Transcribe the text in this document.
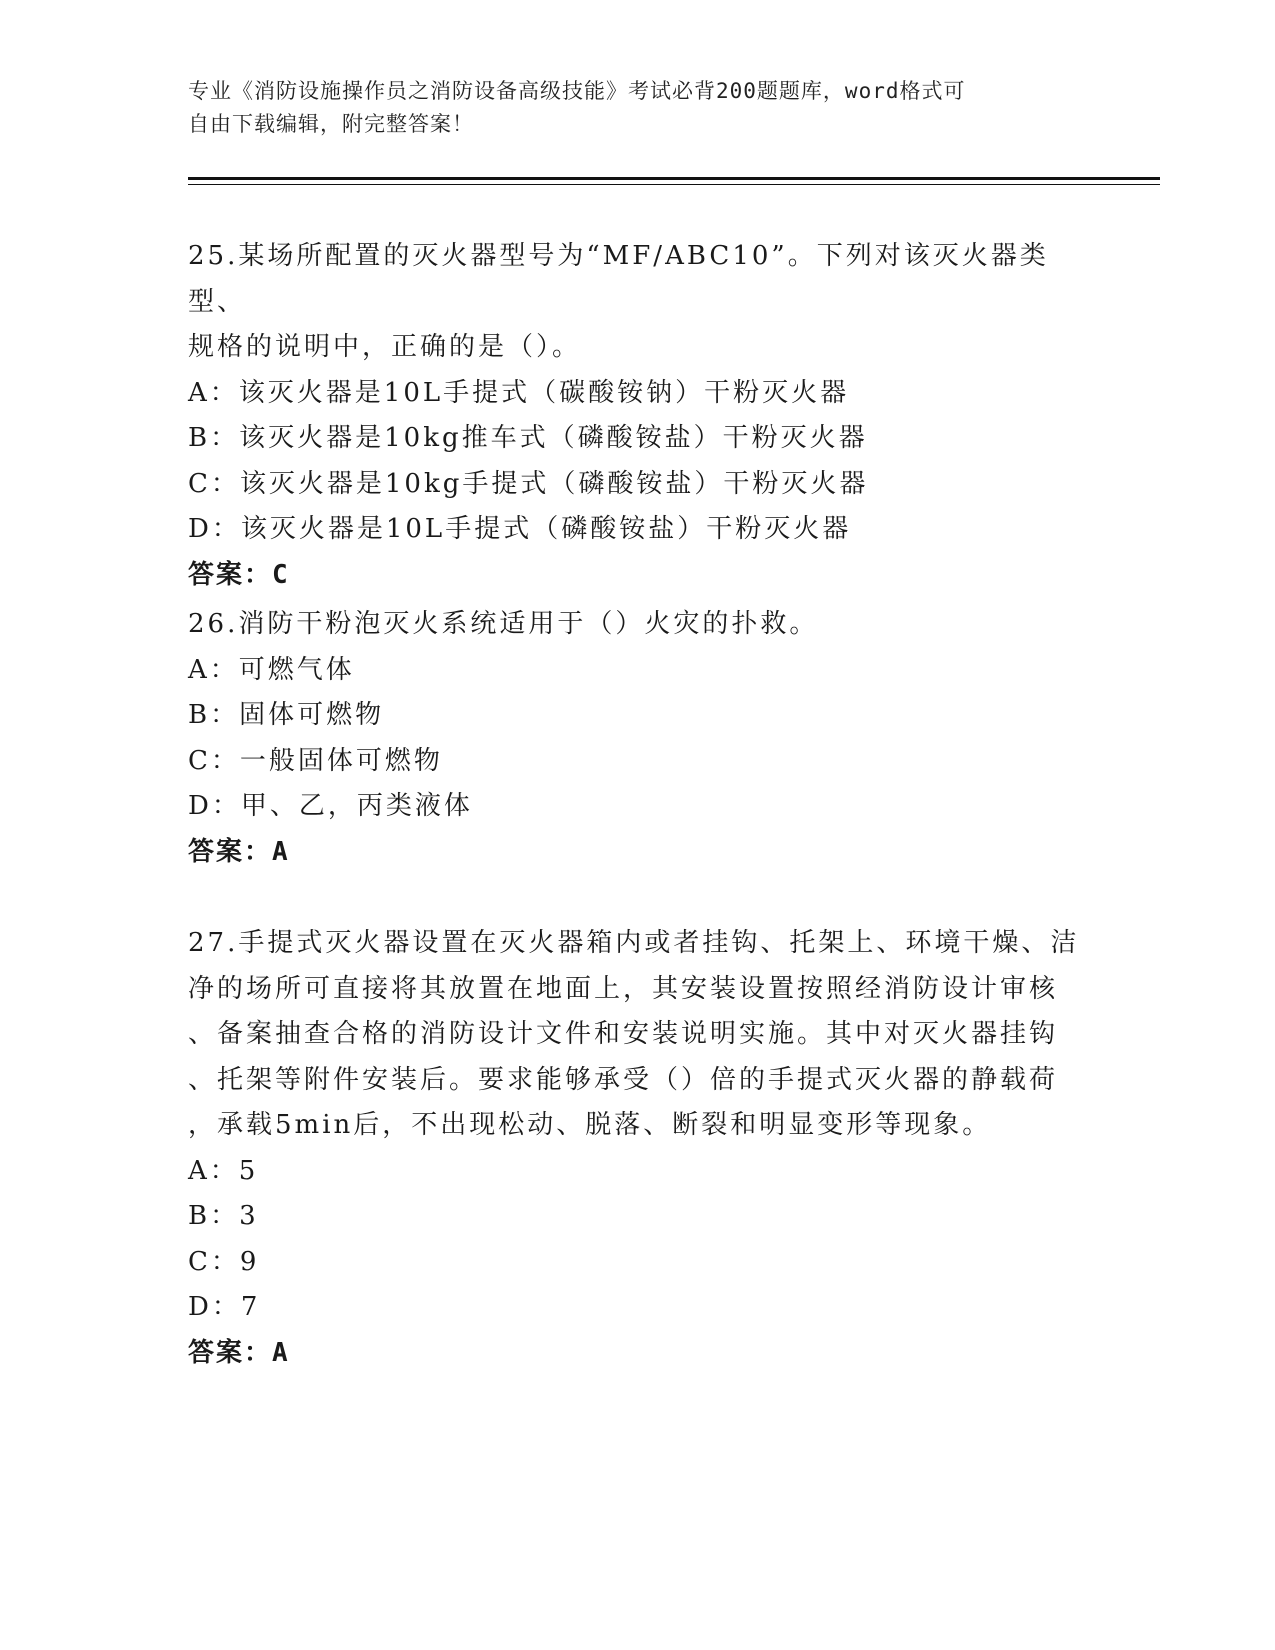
专业《消防设施操作员之消防设备高级技能》考试必背200题题库，word格式可
自由下载编辑，附完整答案！

25.某场所配置的灭火器型号为“MF/ABC10”。下列对该灭火器类型、

规格的说明中，正确的是（）。

A：该灭火器是10L手提式（碳酸铵钠）干粉灭火器

B：该灭火器是10kg推车式（磷酸铵盐）干粉灭火器

C：该灭火器是10kg手提式（磷酸铵盐）干粉灭火器

D：该灭火器是10L手提式（磷酸铵盐）干粉灭火器

答案：C

26.消防干粉泡灭火系统适用于（）火灾的扑救。

A：可燃气体

B：固体可燃物

C：一般固体可燃物

D：甲、乙，丙类液体

答案：A

27.手提式灭火器设置在灭火器箱内或者挂钩、托架上、环境干燥、洁

净的场所可直接将其放置在地面上，其安装设置按照经消防设计审核

、备案抽查合格的消防设计文件和安装说明实施。其中对灭火器挂钩

、托架等附件安装后。要求能够承受（）倍的手提式灭火器的静载荷

，承载5min后，不出现松动、脱落、断裂和明显变形等现象。

A：5

B：3

C：9

D：7

答案：A
